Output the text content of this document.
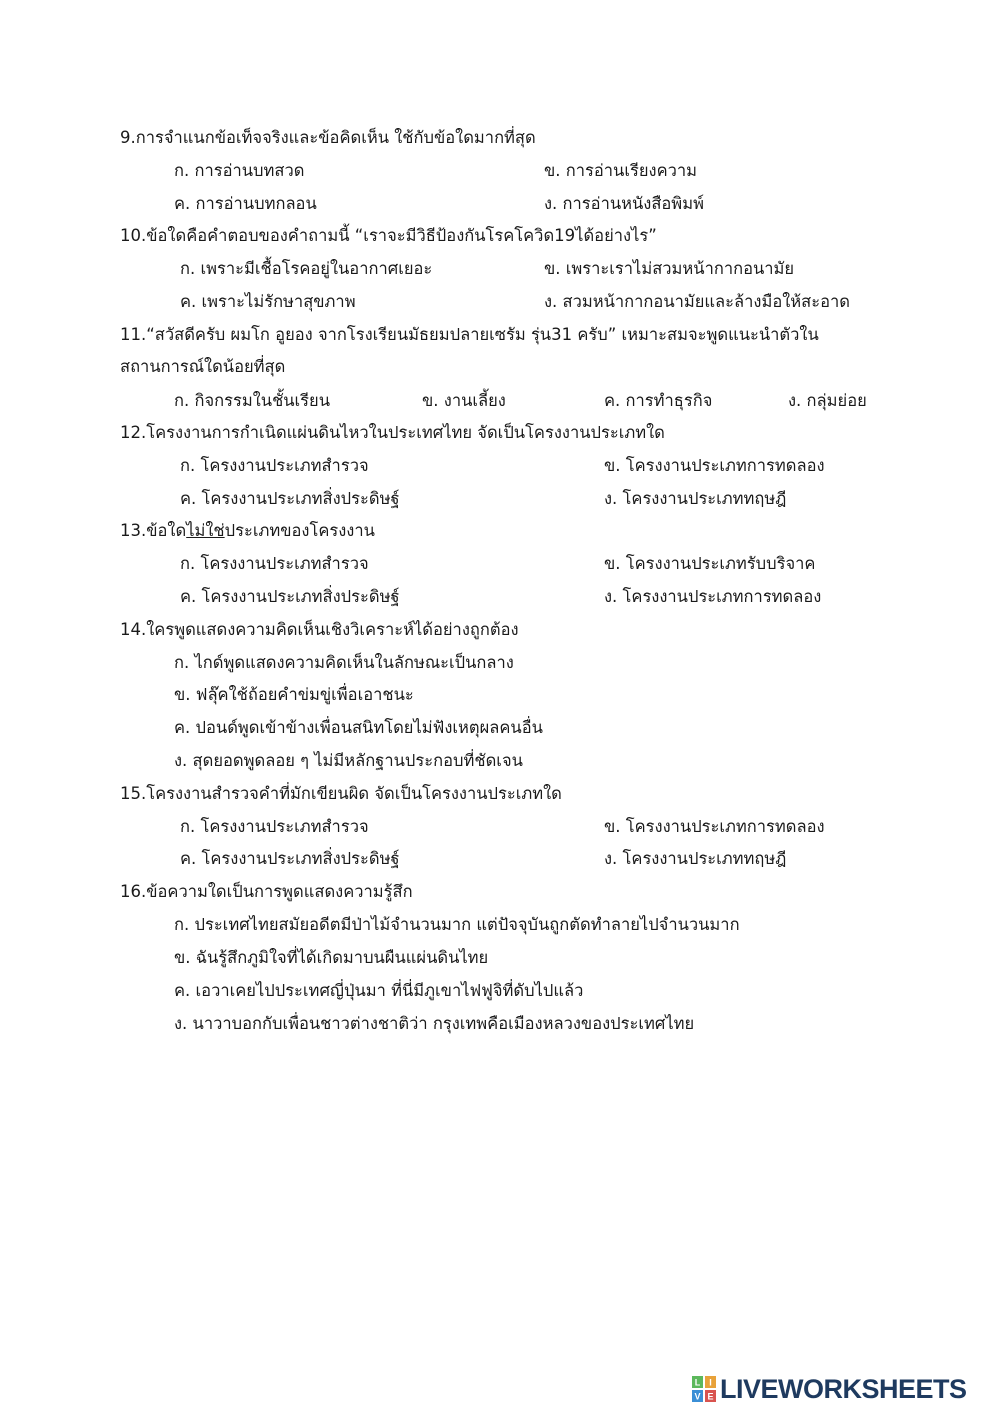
9.การจำแนกข้อเท็จจริงและข้อคิดเห็น ใช้กับข้อใดมากที่สุด
ก. การอ่านบทสวด	ข. การอ่านเรียงความ
ค. การอ่านบทกลอน	ง. การอ่านหนังสือพิมพ์
10.ข้อใดคือคำตอบของคำถามนี้ “เราจะมีวิธีป้องกันโรคโควิด19ได้อย่างไร”
ก. เพราะมีเชื้อโรคอยู่ในอากาศเยอะ	ข. เพราะเราไม่สวมหน้ากากอนามัย
ค. เพราะไม่รักษาสุขภาพ	ง. สวมหน้ากากอนามัยและล้างมือให้สะอาด
11.“สวัสดีครับ ผมโก อูยอง จากโรงเรียนมัธยมปลายเซรัม รุ่น31 ครับ” เหมาะสมจะพูดแนะนำตัวใน
สถานการณ์ใดน้อยที่สุด
ก. กิจกรรมในชั้นเรียน	ข. งานเลี้ยง	ค. การทำธุรกิจ	ง. กลุ่มย่อย
12.โครงงานการกำเนิดแผ่นดินไหวในประเทศไทย จัดเป็นโครงงานประเภทใด
ก. โครงงานประเภทสำรวจ	ข. โครงงานประเภทการทดลอง
ค. โครงงานประเภทสิ่งประดิษฐ์	ง. โครงงานประเภททฤษฎี
13.ข้อใดไม่ใช่ประเภทของโครงงาน
ก. โครงงานประเภทสำรวจ	ข. โครงงานประเภทรับบริจาค
ค. โครงงานประเภทสิ่งประดิษฐ์	ง. โครงงานประเภทการทดลอง
14.ใครพูดแสดงความคิดเห็นเชิงวิเคราะห์ได้อย่างถูกต้อง
ก. ไกด์พูดแสดงความคิดเห็นในลักษณะเป็นกลาง
ข. ฟลุ๊คใช้ถ้อยคำข่มขู่เพื่อเอาชนะ
ค. ปอนด์พูดเข้าข้างเพื่อนสนิทโดยไม่ฟังเหตุผลคนอื่น
ง. สุดยอดพูดลอย ๆ ไม่มีหลักฐานประกอบที่ชัดเจน
15.โครงงานสำรวจคำที่มักเขียนผิด จัดเป็นโครงงานประเภทใด
ก. โครงงานประเภทสำรวจ	ข. โครงงานประเภทการทดลอง
ค. โครงงานประเภทสิ่งประดิษฐ์	ง. โครงงานประเภททฤษฎี
16.ข้อความใดเป็นการพูดแสดงความรู้สึก
ก. ประเทศไทยสมัยอดีตมีป่าไม้จำนวนมาก แต่ปัจจุบันถูกตัดทำลายไปจำนวนมาก
ข. ฉันรู้สึกภูมิใจที่ได้เกิดมาบนผืนแผ่นดินไทย
ค. เอวาเคยไปประเทศญี่ปุ่นมา ที่นี่มีภูเขาไฟฟูจิที่ดับไปแล้ว
ง. นาวาบอกกับเพื่อนชาวต่างชาติว่า กรุงเทพคือเมืองหลวงของประเทศไทย
L I
V E LIVEWORKSHEETS
